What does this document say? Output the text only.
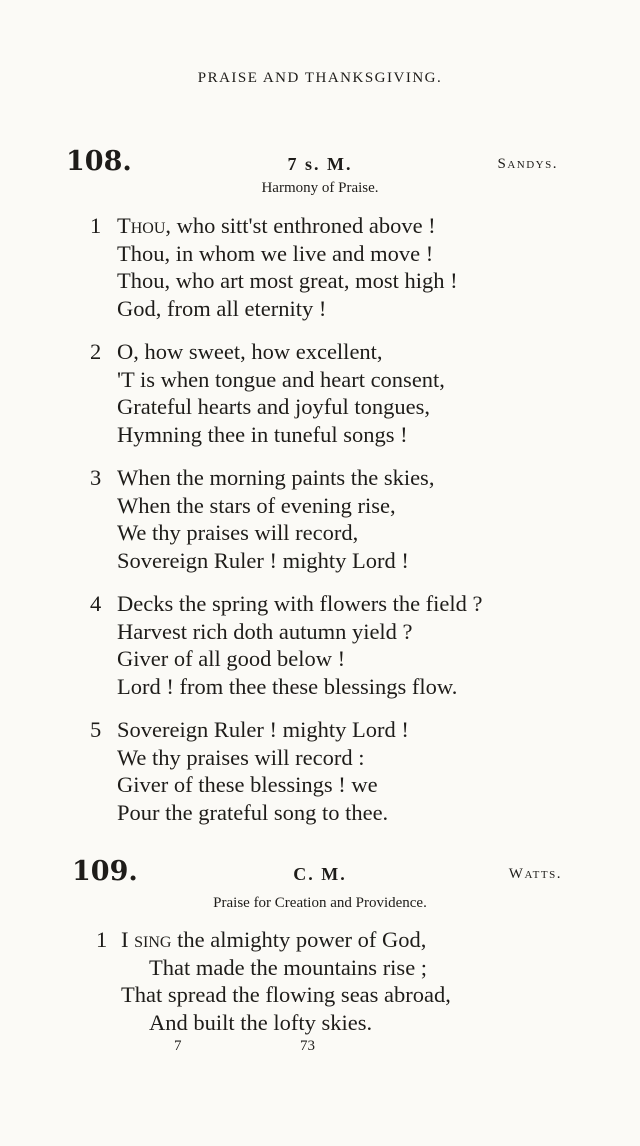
PRAISE AND THANKSGIVING.
108.	7 s. M.	Sandys.
Harmony of Praise.
1 Thou, who sitt'st enthroned above !
Thou, in whom we live and move !
Thou, who art most great, most high !
God, from all eternity !
2 O, how sweet, how excellent,
'T is when tongue and heart consent,
Grateful hearts and joyful tongues,
Hymning thee in tuneful songs !
3 When the morning paints the skies,
When the stars of evening rise,
We thy praises will record,
Sovereign Ruler ! mighty Lord !
4 Decks the spring with flowers the field ?
Harvest rich doth autumn yield ?
Giver of all good below !
Lord ! from thee these blessings flow.
5 Sovereign Ruler ! mighty Lord !
We thy praises will record :
Giver of these blessings ! we
Pour the grateful song to thee.
109.	C. M.	Watts.
Praise for Creation and Providence.
1 I sing the almighty power of God,
That made the mountains rise ;
That spread the flowing seas abroad,
And built the lofty skies.
7	73
